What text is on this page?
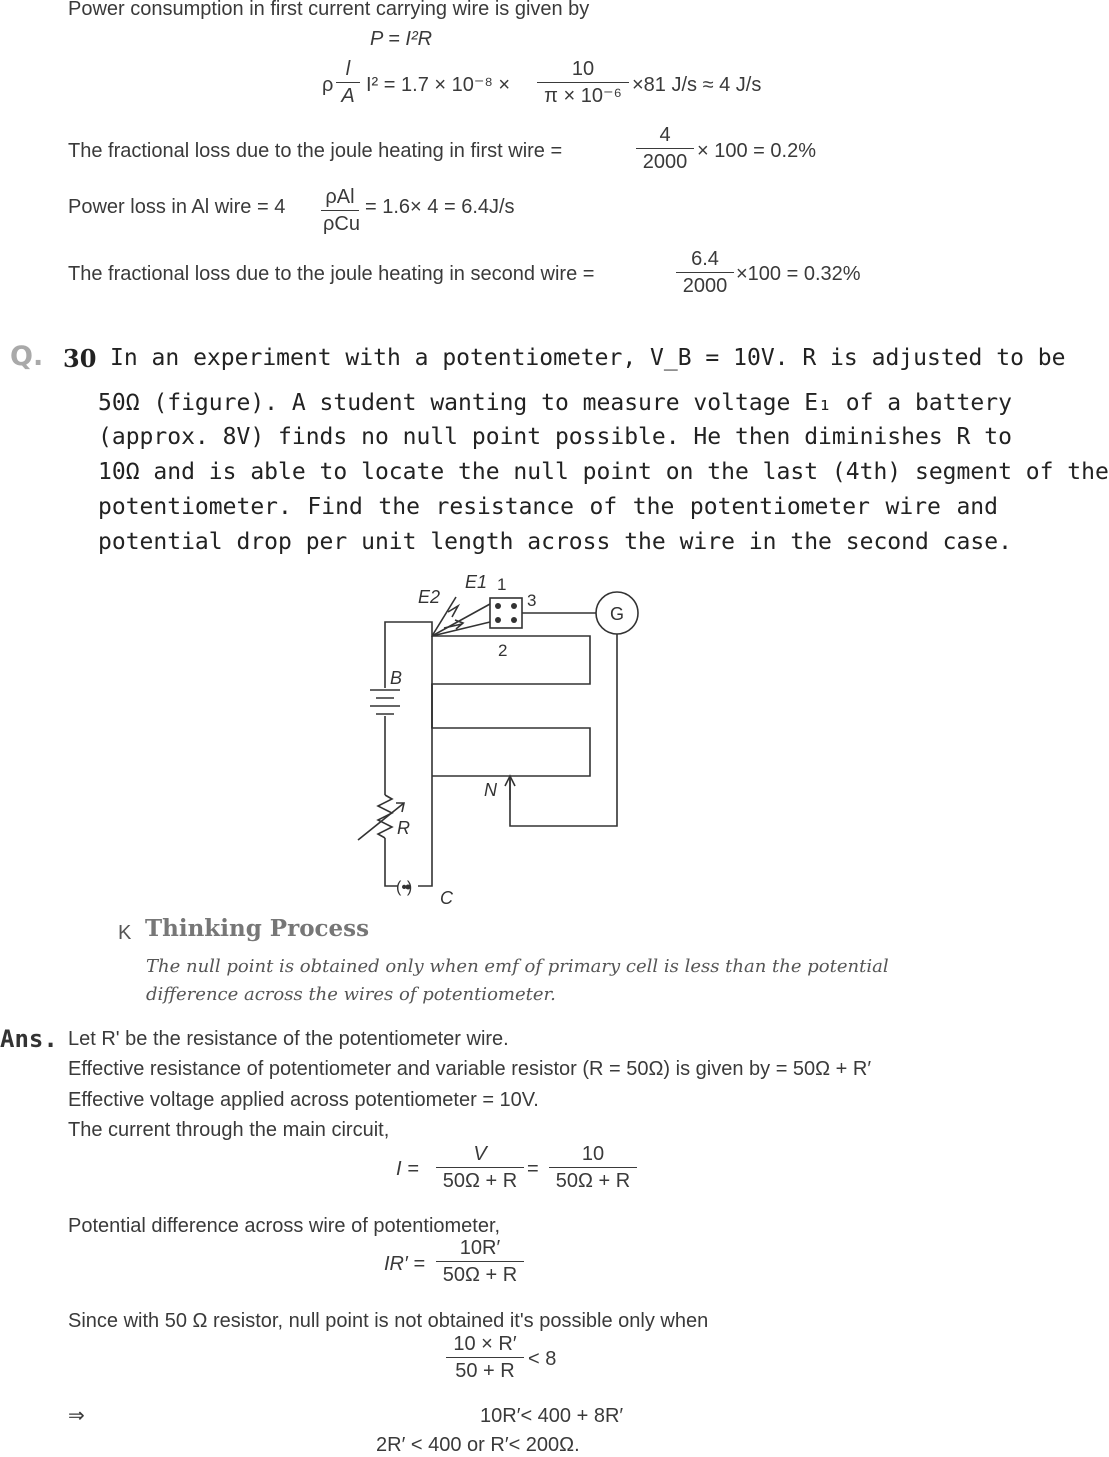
Power consumption in first current carrying wire is given by
P = I²R
ρ $\frac{l}{A} I^2 = 1.7 \times 10^{-8} \times \frac{10}{\text{π × 10⁻⁶}} \times 81$ J/s ≈ 4 J/s
The fractional loss due to the joule heating in first wire =	$\frac{4}{2000} \times 100 = 0.2\%$
Power loss in Al wire = 4 ρAl
ρCu
= 1.6× 4 = 6.4J/s
The fractional loss due to the joule heating in second wire =	$\frac{6.4}{2000} \times 100 = 0.32\%$
Q. 30 In an experiment with a potentiometer, V_B = 10V. R is adjusted to be
50Ω (figure). A student wanting to measure voltage E₁ of a battery
(approx. 8V) finds no null point possible. He then diminishes R to
10Ω and is able to locate the null point on the last (4th) segment of the
potentiometer. Find the resistance of the potentiometer wire and
potential drop per unit length across the wire in the second case.
E2
E1 1
3
2
G
B
N
R
(•)
C
K Thinking Process
The null point is obtained only when emf of primary cell is less than the potential
difference across the wires of potentiometer.
Ans. Let R' be the resistance of the potentiometer wire.
Effective resistance of potentiometer and variable resistor (R = 50Ω) is given by = 50Ω + R′
Effective voltage applied across potentiometer = 10V.
The current through the main circuit,
$I = \frac{V}{50\Omega + R} = \frac{10}{50\Omega + R}$
Potential difference across wire of potentiometer,
$IR' = \frac{10R'}{50\Omega + R}$
Since with 50 Ω resistor, null point is not obtained it's possible only when
$\frac{10 \times R'}{50 + R} < 8$
⇒	10R′< 400 + 8R′
2R′ < 400 or R′< 200Ω.
